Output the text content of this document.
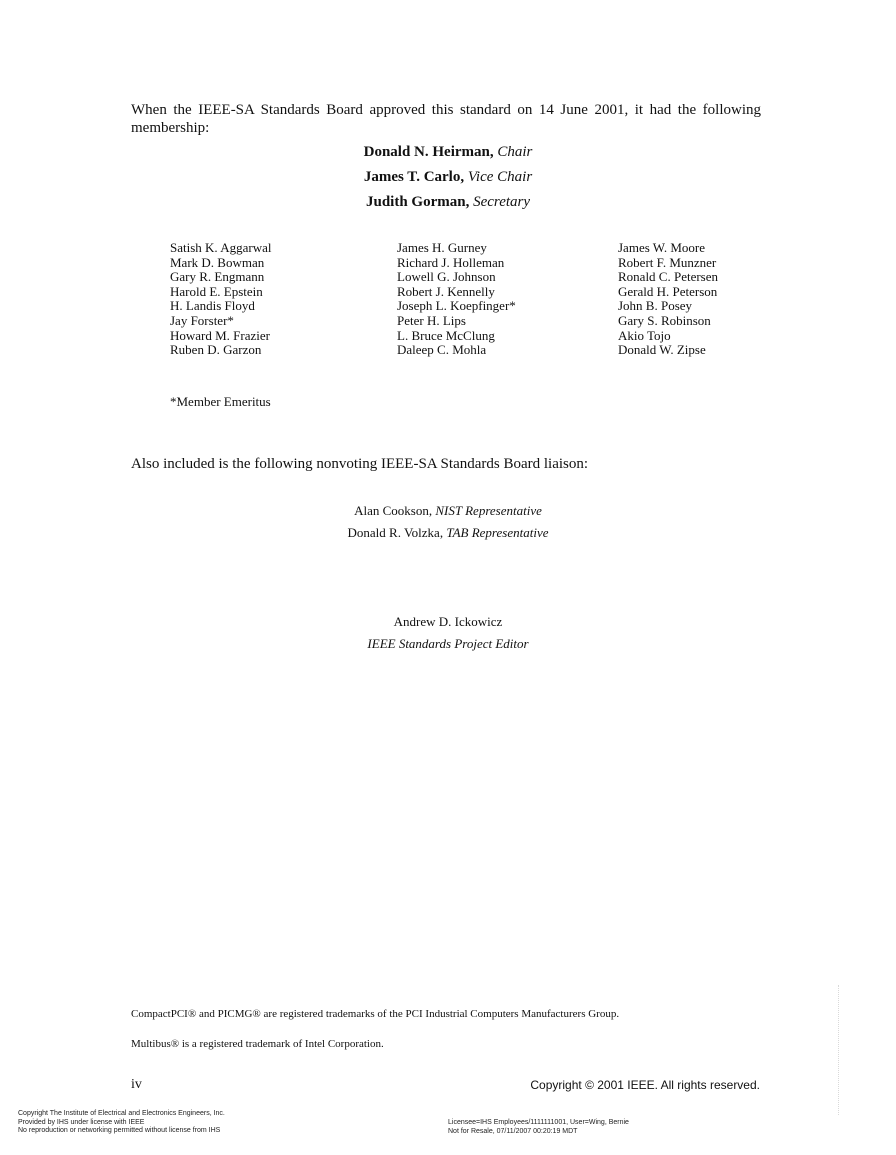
When the IEEE-SA Standards Board approved this standard on 14 June 2001, it had the following membership:
Donald N. Heirman, Chair
James T. Carlo, Vice Chair
Judith Gorman, Secretary
Satish K. Aggarwal
Mark D. Bowman
Gary R. Engmann
Harold E. Epstein
H. Landis Floyd
Jay Forster*
Howard M. Frazier
Ruben D. Garzon
James H. Gurney
Richard J. Holleman
Lowell G. Johnson
Robert J. Kennelly
Joseph L. Koepfinger*
Peter H. Lips
L. Bruce McClung
Daleep C. Mohla
James W. Moore
Robert F. Munzner
Ronald C. Petersen
Gerald H. Peterson
John B. Posey
Gary S. Robinson
Akio Tojo
Donald W. Zipse
*Member Emeritus
Also included is the following nonvoting IEEE-SA Standards Board liaison:
Alan Cookson, NIST Representative
Donald R. Volzka, TAB Representative
Andrew D. Ickowicz
IEEE Standards Project Editor
CompactPCI® and PICMG® are registered trademarks of the PCI Industrial Computers Manufacturers Group.
Multibus® is a registered trademark of Intel Corporation.
iv	Copyright © 2001 IEEE. All rights reserved.
Copyright The Institute of Electrical and Electronics Engineers, Inc.
Provided by IHS under license with IEEE
No reproduction or networking permitted without license from IHS
Licensee=IHS Employees/1111111001, User=Wing, Bernie
Not for Resale, 07/11/2007 00:20:19 MDT
